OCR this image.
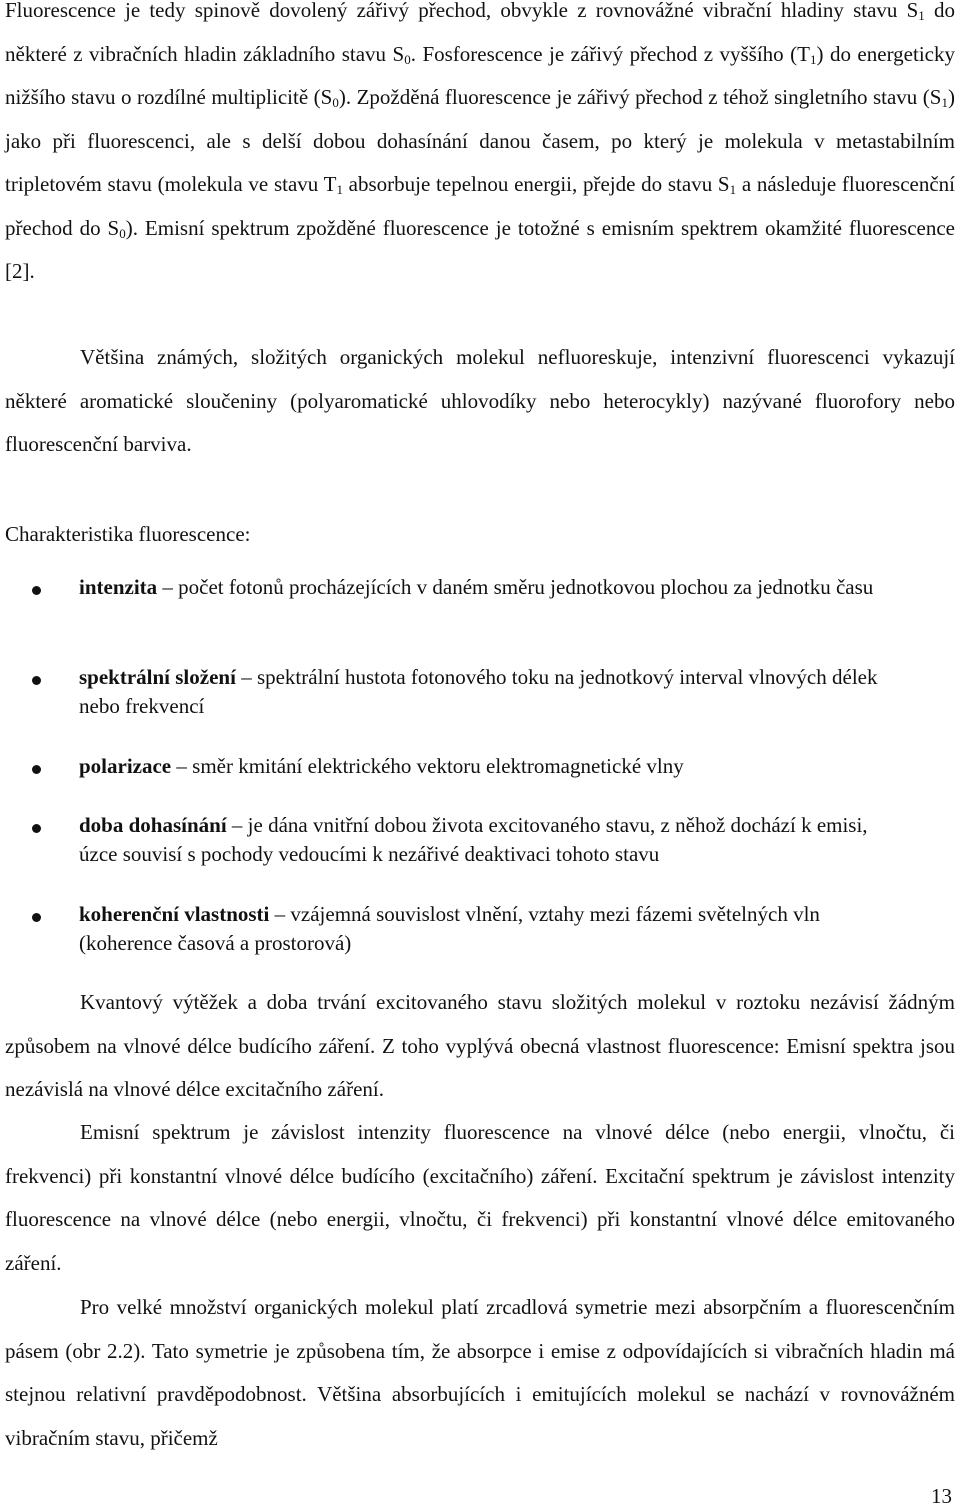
Fluorescence je tedy spinově dovolený zářivý přechod, obvykle z rovnovážné vibrační hladiny stavu $S_1$ do některé z vibračních hladin základního stavu $S_0$. Fosforescence je zářivý přechod z vyššího $(T_1)$ do energeticky nižšího stavu o rozdílné multiplicitě $(S_0)$. Zpožděná fluorescence je zářivý přechod z téhož singletního stavu $(S_1)$ jako při fluorescenci, ale s delší dobou dohasínání danou časem, po který je molekula v metastabilním tripletovém stavu (molekula ve stavu $T_1$ absorbuje tepelnou energii, přejde do stavu $S_1$ a následuje fluorescenční přechod do $S_0$). Emisní spektrum zpožděné fluorescence je totožné s emisním spektrem okamžité fluorescence [2].

Většina známých, složitých organických molekul nefluoreskuje, intenzivní fluorescenci vykazují některé aromatické sloučeniny (polyaromatické uhlovodíky nebo heterocykly) nazývané fluorofory nebo fluorescenční barviva.

Charakteristika fluorescence:
intenzita – počet fotonů procházejících v daném směru jednotkovou plochou za jednotku času
spektrální složení – spektrální hustota fotonového toku na jednotkový interval vlnových délek nebo frekvencí
polarizace – směr kmitání elektrického vektoru elektromagnetické vlny
doba dohasínání – je dána vnitřní dobou života excitovaného stavu, z něhož dochází k emisi, úzce souvisí s pochody vedoucími k nezářivé deaktivaci tohoto stavu
koherenční vlastnosti – vzájemná souvislost vlnění, vztahy mezi fázemi světelných vln (koherence časová a prostorová)

Kvantový výtěžek a doba trvání excitovaného stavu složitých molekul v roztoku nezávisí žádným způsobem na vlnové délce budícího záření. Z toho vyplývá obecná vlastnost fluorescence: Emisní spektra jsou nezávislá na vlnové délce excitačního záření.

Emisní spektrum je závislost intenzity fluorescence na vlnové délce (nebo energii, vlnočtu, či frekvenci) při konstantní vlnové délce budícího (excitačního) záření. Excitační spektrum je závislost intenzity fluorescence na vlnové délce (nebo energii, vlnočtu, či frekvenci) při konstantní vlnové délce emitovaného záření.

Pro velké množství organických molekul platí zrcadlová symetrie mezi absorpčním a fluorescenčním pásem (obr 2.2). Tato symetrie je způsobena tím, že absorpce i emise z odpovídajících si vibračních hladin má stejnou relativní pravděpodobnost. Většina absorbujících i emitujících molekul se nachází v rovnovážném vibračním stavu, přičemž

13
